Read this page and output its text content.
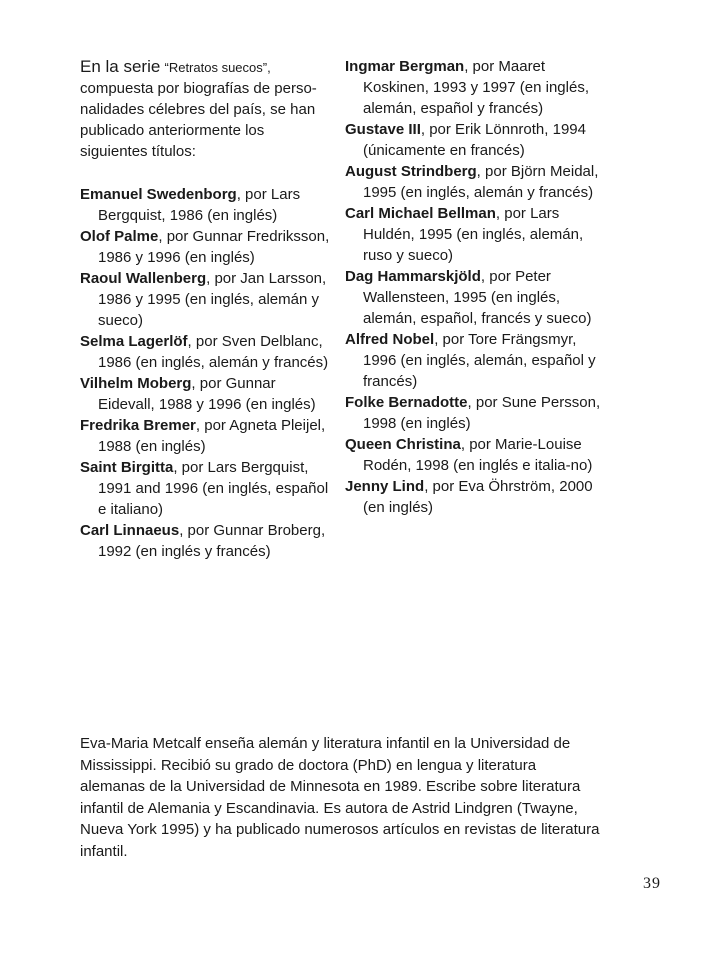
En la serie “Retratos suecos”, compuesta por biografías de perso-nalidades célebres del país, se han publicado anteriormente los siguientes títulos:

Emanuel Swedenborg, por Lars Bergquist, 1986 (en inglés)

Olof Palme, por Gunnar Fredriksson, 1986 y 1996 (en inglés)

Raoul Wallenberg, por Jan Larsson, 1986 y 1995 (en inglés, alemán y sueco)

Selma Lagerlöf, por Sven Delblanc, 1986 (en inglés, alemán y francés)

Vilhelm Moberg, por Gunnar Eidevall, 1988 y 1996 (en inglés)

Fredrika Bremer, por Agneta Pleijel, 1988 (en inglés)

Saint Birgitta, por Lars Bergquist, 1991 and 1996 (en inglés, español e italiano)

Carl Linnaeus, por Gunnar Broberg, 1992 (en inglés y francés)

Ingmar Bergman, por Maaret Koskinen, 1993 y 1997 (en inglés, alemán, español y francés)

Gustave III, por Erik Lönnroth, 1994 (únicamente en francés)

August Strindberg, por Björn Meidal, 1995 (en inglés, alemán y francés)

Carl Michael Bellman, por Lars Huldén, 1995 (en inglés, alemán, ruso y sueco)

Dag Hammarskjöld, por Peter Wallensteen, 1995 (en inglés, alemán, español, francés y sueco)

Alfred Nobel, por Tore Frängsmyr, 1996 (en inglés, alemán, español y francés)

Folke Bernadotte, por Sune Persson, 1998 (en inglés)

Queen Christina, por Marie-Louise Rodén, 1998 (en inglés e italia-no)

Jenny Lind, por Eva Öhrström, 2000 (en inglés)

Eva-Maria Metcalf enseña alemán y literatura infantil en la Universidad de Mississippi. Recibió su grado de doctora (PhD) en lengua y literatura alemanas de la Universidad de Minnesota en 1989. Escribe sobre literatura infantil de Alemania y Escandinavia. Es autora de Astrid Lindgren (Twayne, Nueva York 1995) y ha publicado numerosos artículos en revistas de literatura infantil.

39
